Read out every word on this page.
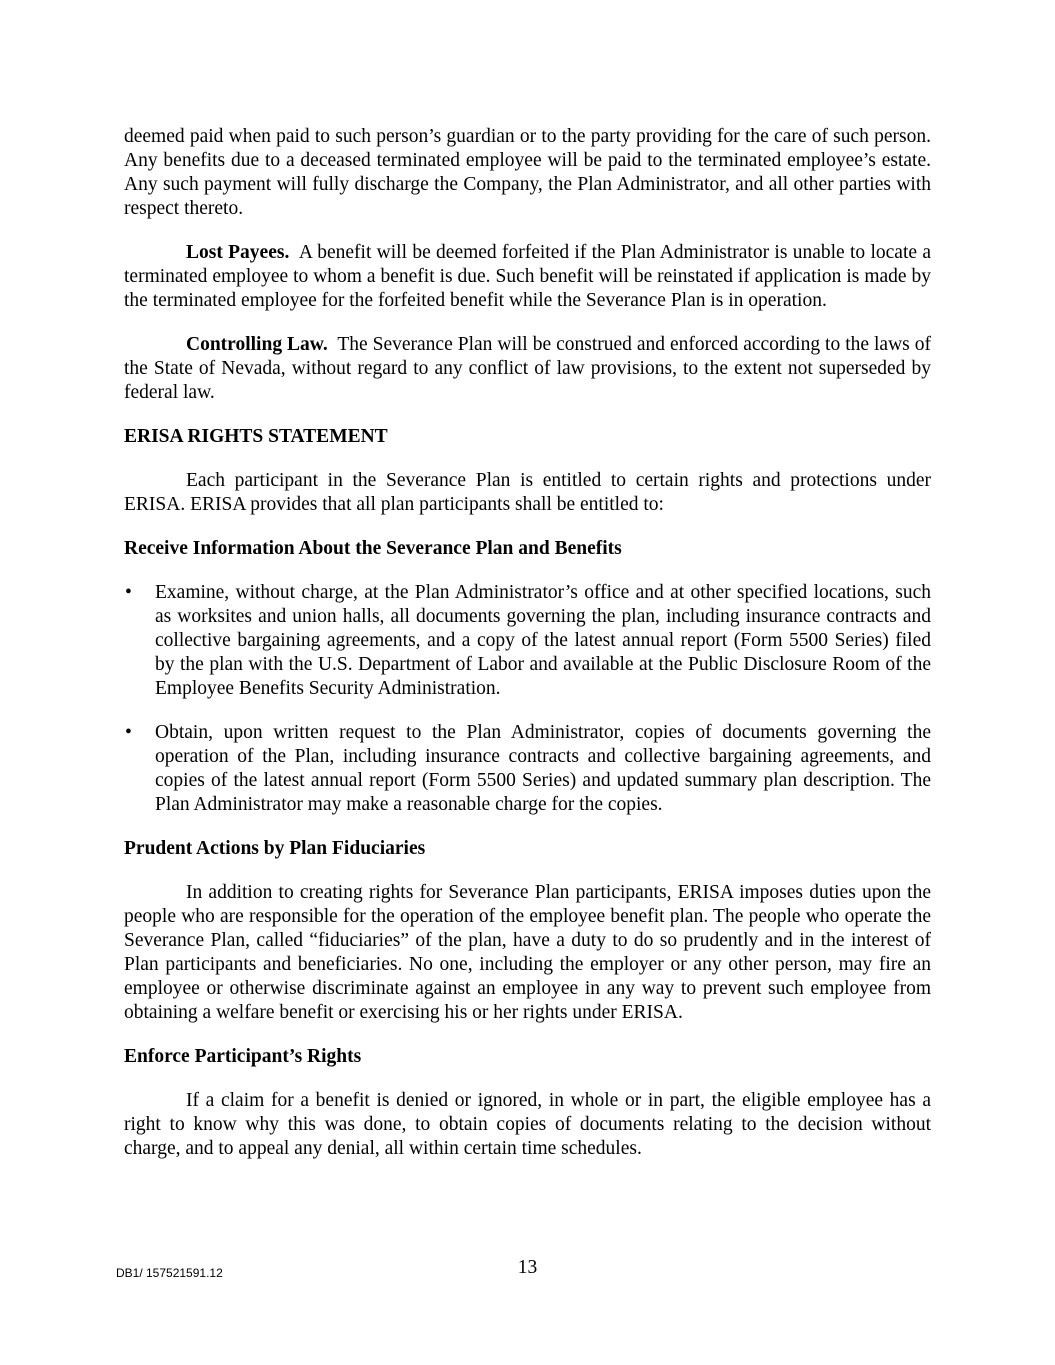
deemed paid when paid to such person’s guardian or to the party providing for the care of such person. Any benefits due to a deceased terminated employee will be paid to the terminated employee’s estate. Any such payment will fully discharge the Company, the Plan Administrator, and all other parties with respect thereto.

Lost Payees. A benefit will be deemed forfeited if the Plan Administrator is unable to locate a terminated employee to whom a benefit is due. Such benefit will be reinstated if application is made by the terminated employee for the forfeited benefit while the Severance Plan is in operation.

Controlling Law. The Severance Plan will be construed and enforced according to the laws of the State of Nevada, without regard to any conflict of law provisions, to the extent not superseded by federal law.

ERISA RIGHTS STATEMENT

Each participant in the Severance Plan is entitled to certain rights and protections under ERISA. ERISA provides that all plan participants shall be entitled to:

Receive Information About the Severance Plan and Benefits
• Examine, without charge, at the Plan Administrator’s office and at other specified locations, such as worksites and union halls, all documents governing the plan, including insurance contracts and collective bargaining agreements, and a copy of the latest annual report (Form 5500 Series) filed by the plan with the U.S. Department of Labor and available at the Public Disclosure Room of the Employee Benefits Security Administration.
• Obtain, upon written request to the Plan Administrator, copies of documents governing the operation of the Plan, including insurance contracts and collective bargaining agreements, and copies of the latest annual report (Form 5500 Series) and updated summary plan description. The Plan Administrator may make a reasonable charge for the copies.
Prudent Actions by Plan Fiduciaries

In addition to creating rights for Severance Plan participants, ERISA imposes duties upon the people who are responsible for the operation of the employee benefit plan. The people who operate the Severance Plan, called “fiduciaries” of the plan, have a duty to do so prudently and in the interest of Plan participants and beneficiaries. No one, including the employer or any other person, may fire an employee or otherwise discriminate against an employee in any way to prevent such employee from obtaining a welfare benefit or exercising his or her rights under ERISA.

Enforce Participant’s Rights

If a claim for a benefit is denied or ignored, in whole or in part, the eligible employee has a right to know why this was done, to obtain copies of documents relating to the decision without charge, and to appeal any denial, all within certain time schedules.

DB1/ 157521591.12	13
